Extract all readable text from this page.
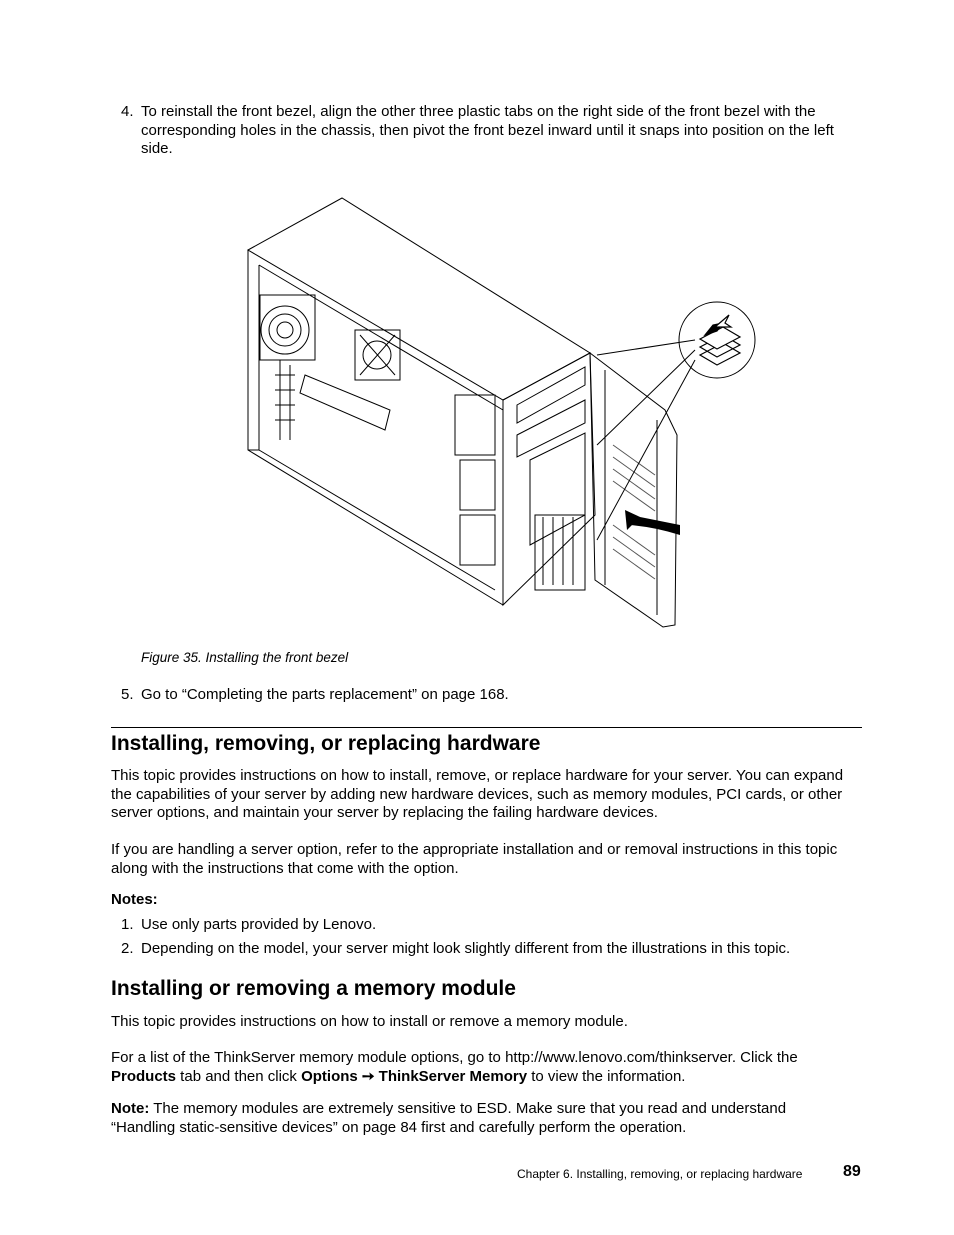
4. To reinstall the front bezel, align the other three plastic tabs on the right side of the front bezel with the corresponding holes in the chassis, then pivot the front bezel inward until it snaps into position on the left side.
Figure 35. Installing the front bezel
5. Go to “Completing the parts replacement” on page 168.
Installing, removing, or replacing hardware
This topic provides instructions on how to install, remove, or replace hardware for your server. You can expand the capabilities of your server by adding new hardware devices, such as memory modules, PCI cards, or other server options, and maintain your server by replacing the failing hardware devices.
If you are handling a server option, refer to the appropriate installation and or removal instructions in this topic along with the instructions that come with the option.
Notes:
1. Use only parts provided by Lenovo.
2. Depending on the model, your server might look slightly different from the illustrations in this topic.
Installing or removing a memory module
This topic provides instructions on how to install or remove a memory module.
For a list of the ThinkServer memory module options, go to http://www.lenovo.com/thinkserver. Click the
Products tab and then click Options ➙ ThinkServer Memory to view the information.
Note: The memory modules are extremely sensitive to ESD. Make sure that you read and understand “Handling static-sensitive devices” on page 84 first and carefully perform the operation.
Chapter 6. Installing, removing, or replacing hardware	89
